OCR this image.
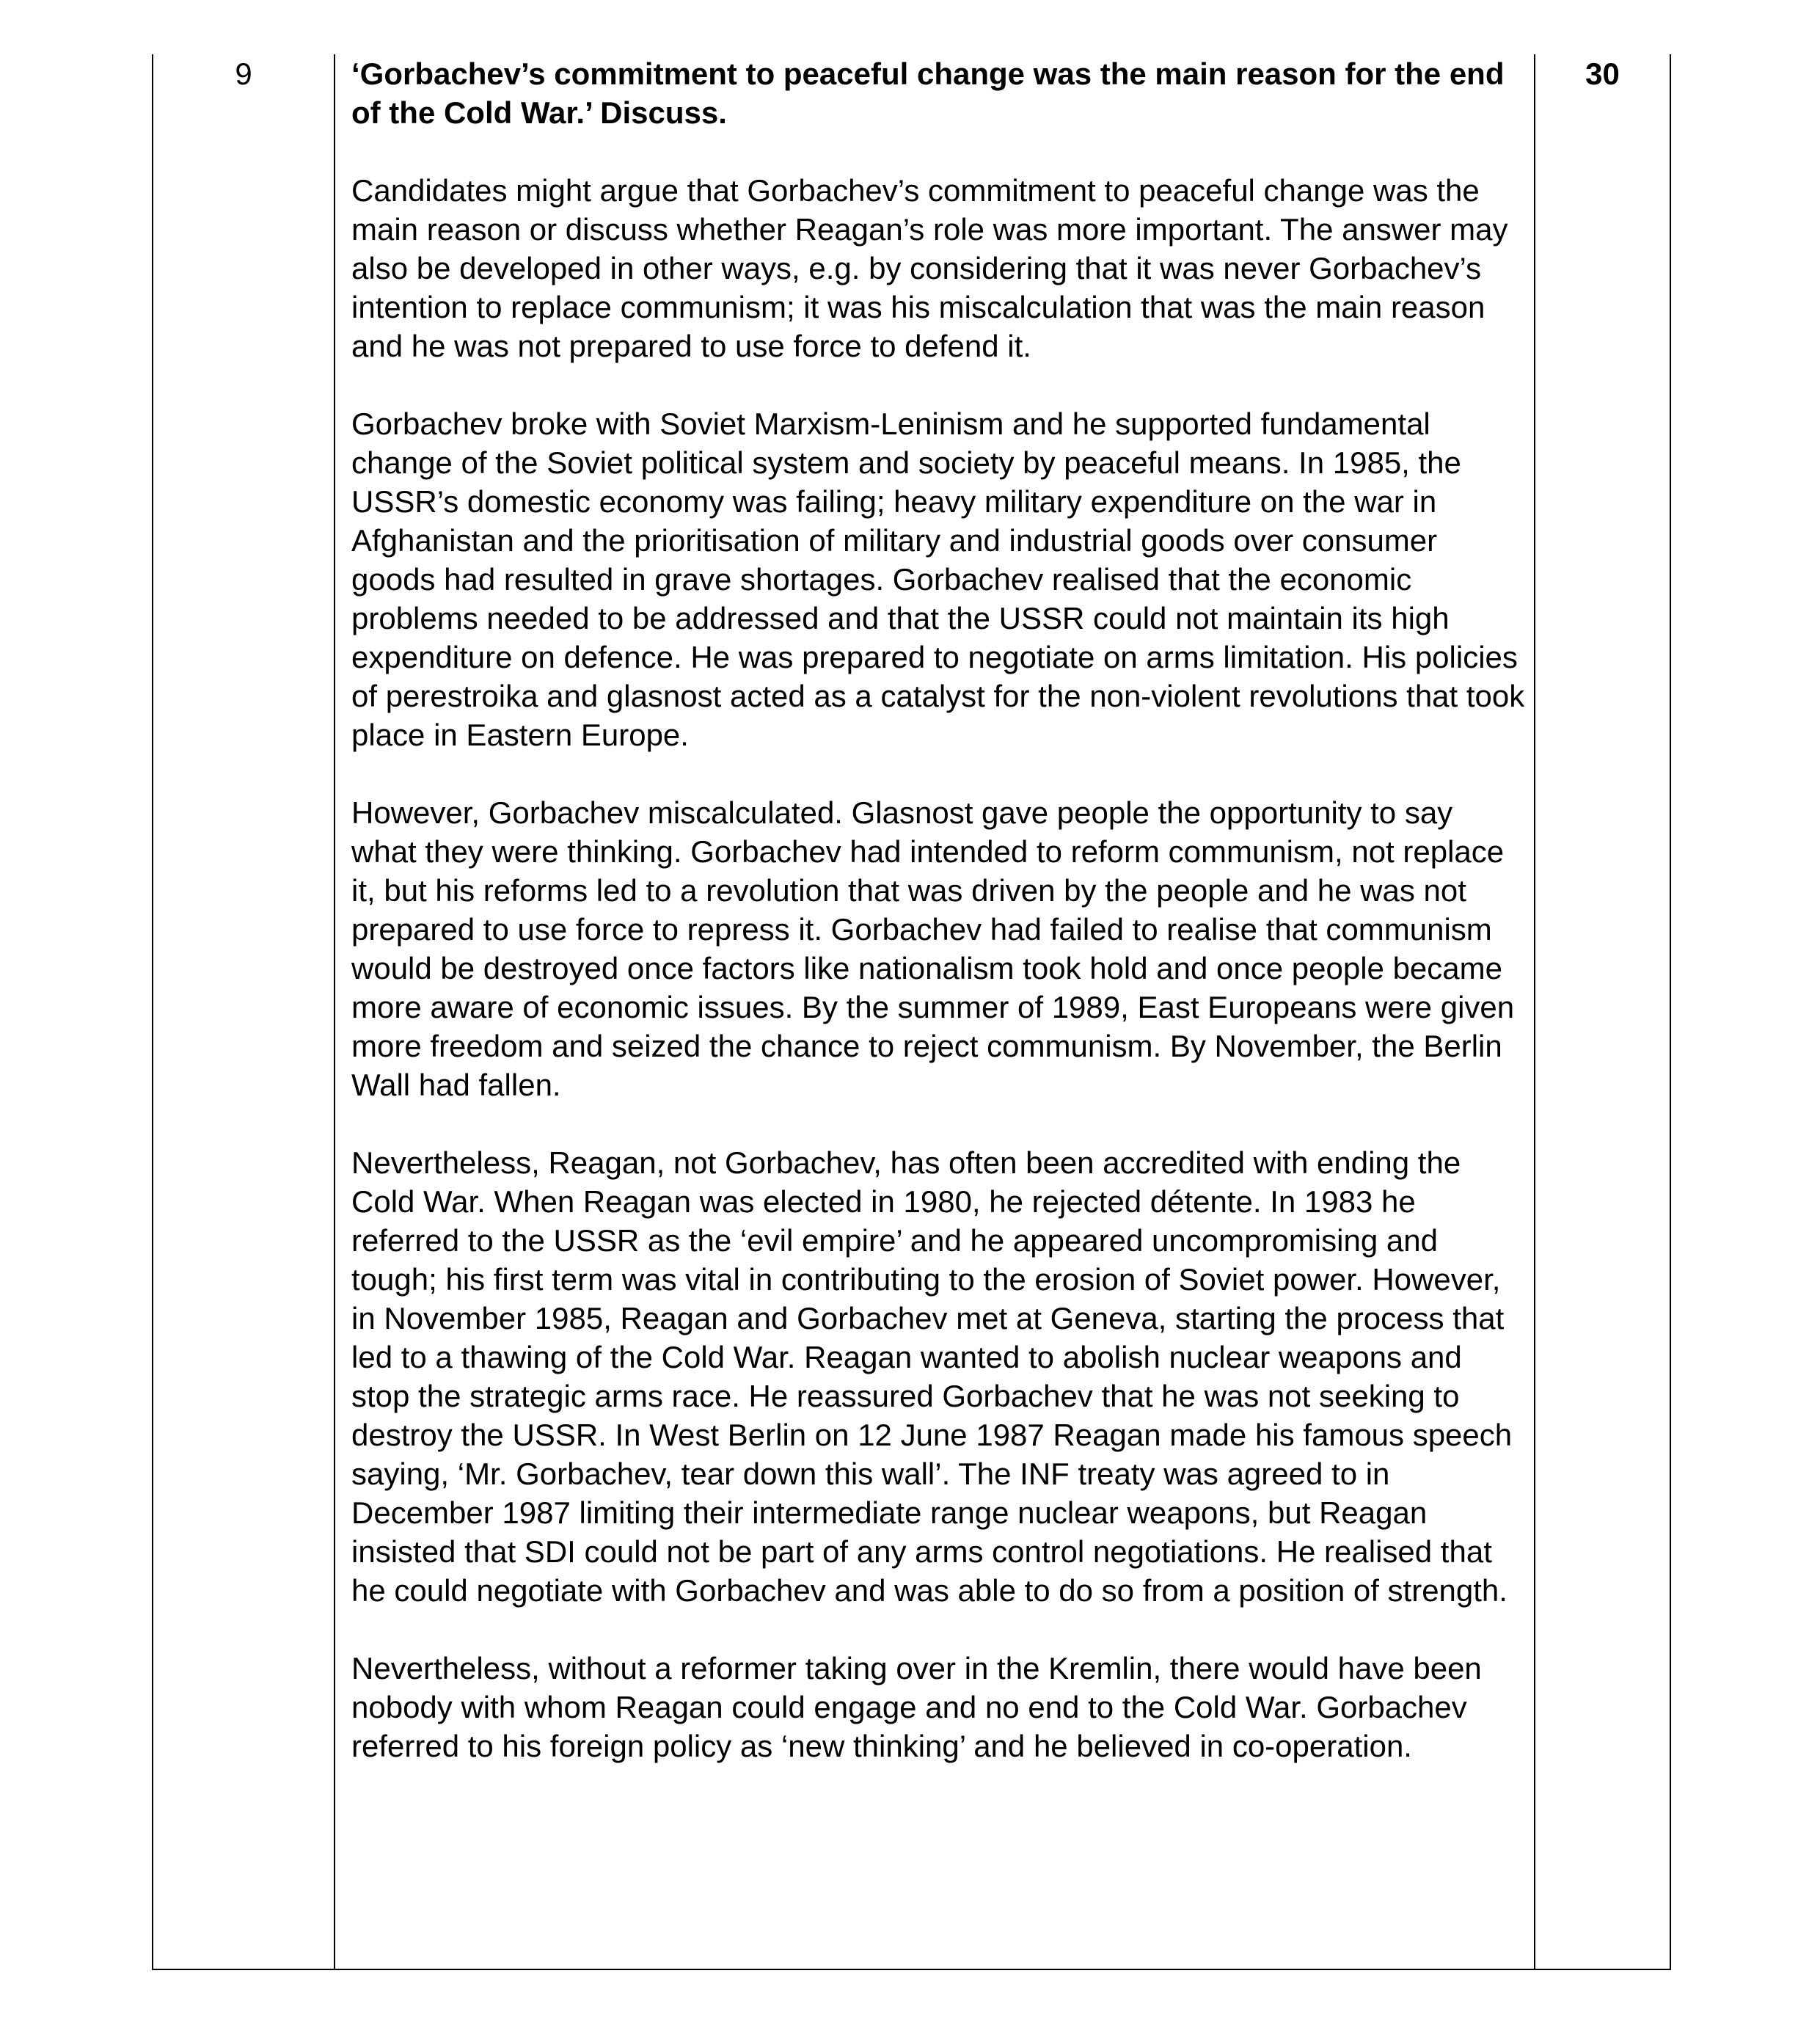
9	‘Gorbachev’s commitment to peaceful change was the main reason for the end of the Cold War.’ Discuss.

Candidates might argue that Gorbachev’s commitment to peaceful change was the main reason or discuss whether Reagan’s role was more important. The answer may also be developed in other ways, e.g. by considering that it was never Gorbachev’s intention to replace communism; it was his miscalculation that was the main reason and he was not prepared to use force to defend it.

Gorbachev broke with Soviet Marxism-Leninism and he supported fundamental change of the Soviet political system and society by peaceful means. In 1985, the USSR’s domestic economy was failing; heavy military expenditure on the war in Afghanistan and the prioritisation of military and industrial goods over consumer goods had resulted in grave shortages. Gorbachev realised that the economic problems needed to be addressed and that the USSR could not maintain its high expenditure on defence. He was prepared to negotiate on arms limitation. His policies of perestroika and glasnost acted as a catalyst for the non-violent revolutions that took place in Eastern Europe.

However, Gorbachev miscalculated. Glasnost gave people the opportunity to say what they were thinking. Gorbachev had intended to reform communism, not replace it, but his reforms led to a revolution that was driven by the people and he was not prepared to use force to repress it. Gorbachev had failed to realise that communism would be destroyed once factors like nationalism took hold and once people became more aware of economic issues. By the summer of 1989, East Europeans were given more freedom and seized the chance to reject communism. By November, the Berlin Wall had fallen.

Nevertheless, Reagan, not Gorbachev, has often been accredited with ending the Cold War. When Reagan was elected in 1980, he rejected détente. In 1983 he referred to the USSR as the ‘evil empire’ and he appeared uncompromising and tough; his first term was vital in contributing to the erosion of Soviet power. However, in November 1985, Reagan and Gorbachev met at Geneva, starting the process that led to a thawing of the Cold War. Reagan wanted to abolish nuclear weapons and stop the strategic arms race. He reassured Gorbachev that he was not seeking to destroy the USSR. In West Berlin on 12 June 1987 Reagan made his famous speech saying, ‘Mr. Gorbachev, tear down this wall’. The INF treaty was agreed to in December 1987 limiting their intermediate range nuclear weapons, but Reagan insisted that SDI could not be part of any arms control negotiations. He realised that he could negotiate with Gorbachev and was able to do so from a position of strength.

Nevertheless, without a reformer taking over in the Kremlin, there would have been nobody with whom Reagan could engage and no end to the Cold War. Gorbachev referred to his foreign policy as ‘new thinking’ and he believed in co-operation.

30
